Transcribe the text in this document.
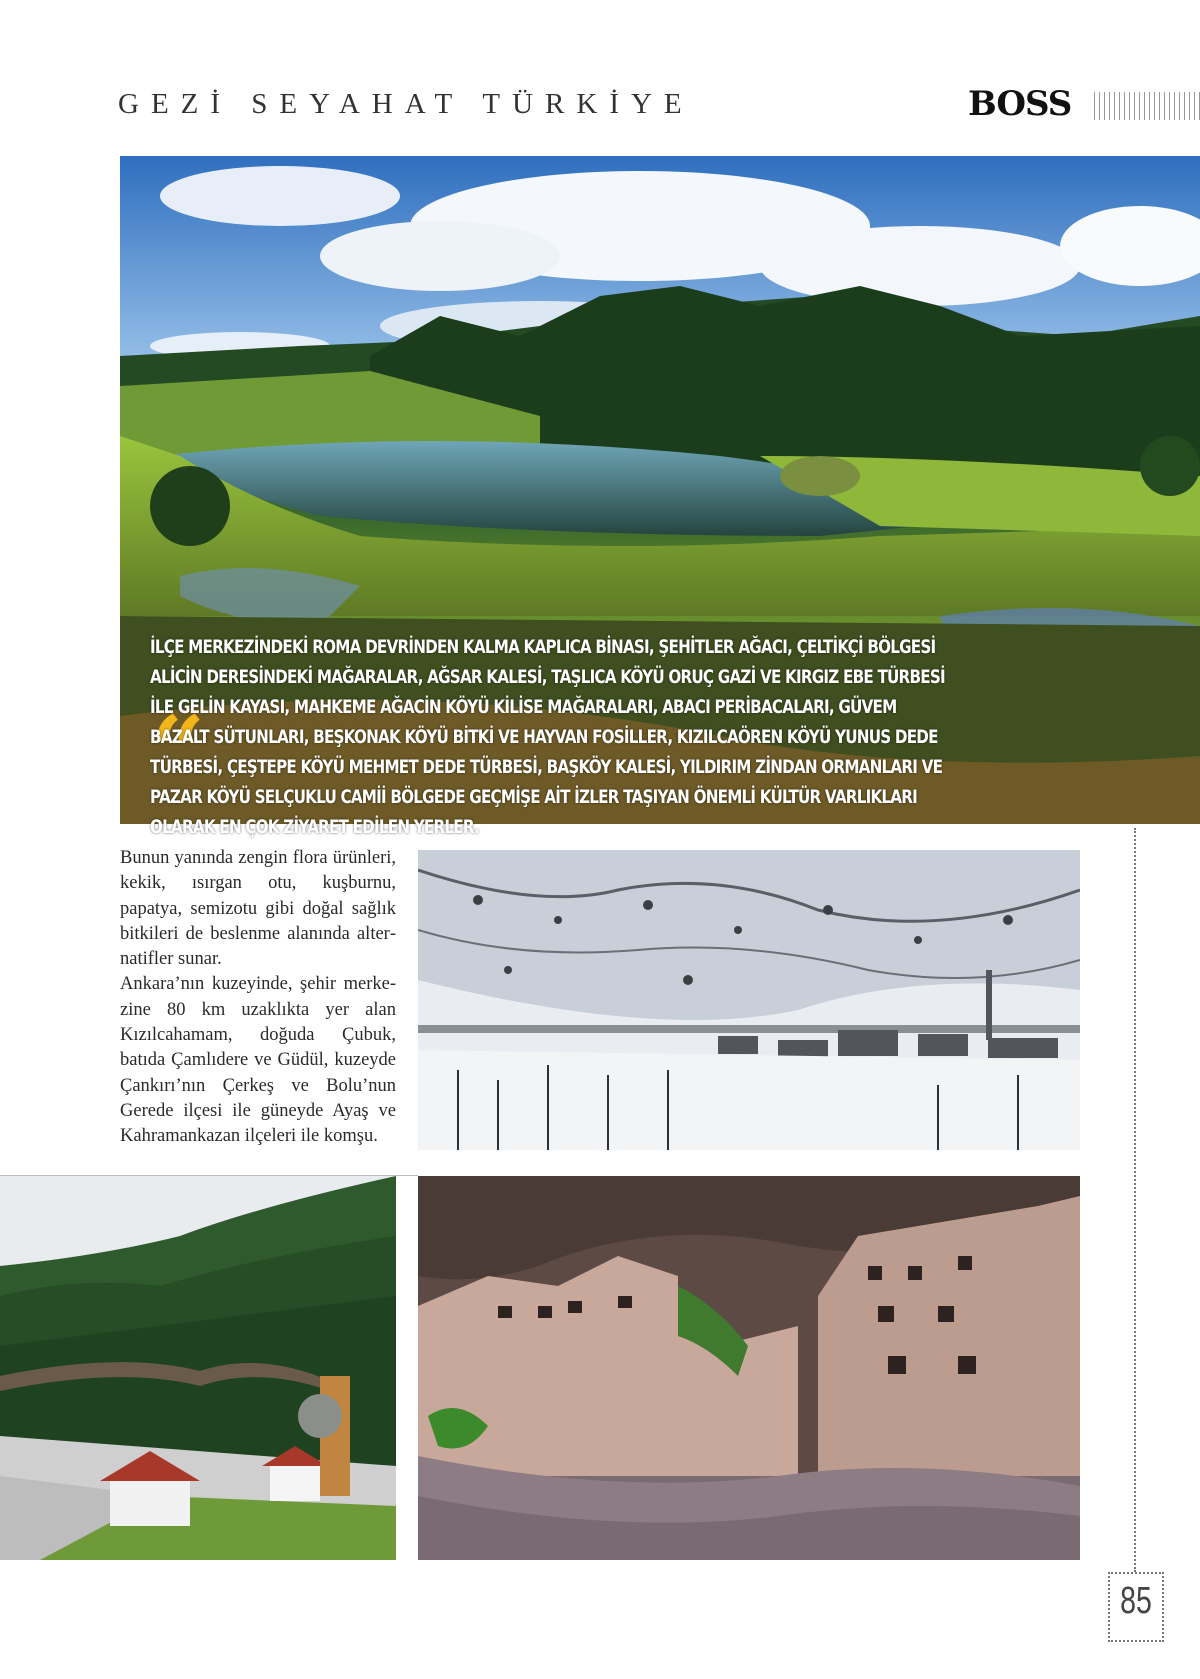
GEZİ SEYAHAT TÜRKİYE	BOSS
“
İLÇE MERKEZİNDEKİ ROMA DEVRİNDEN KALMA KAPLICA BİNASI, ŞEHİTLER AĞACI, ÇELTİKÇİ BÖLGESİ ALİCİN DERESİNDEKİ MAĞARALAR, AĞSAR KALESİ, TAŞLICA KÖYÜ ORUÇ GAZİ VE KIRGIZ EBE TÜRBESİ İLE GELİN KAYASI, MAHKEME AĞACİN KÖYÜ KİLİSE MAĞARALARI, ABACI PERİBACALARI, GÜVEM BAZALT SÜTUNLARI, BEŞKONAK KÖYÜ BİTKİ VE HAYVAN FOSİLLER, KIZILCAÖREN KÖYÜ YUNUS DEDE TÜRBESİ, ÇEŞTEPE KÖYÜ MEHMET DEDE TÜRBESİ, BAŞKÖY KALESİ, YILDIRIM ZİNDAN ORMANLARI VE PAZAR KÖYÜ SELÇUKLU CAMİİ BÖLGEDE GEÇMİŞE AİT İZLER TAŞIYAN ÖNEMLİ KÜLTÜR VARLIKLARI OLARAK EN ÇOK ZİYARET EDİLEN YERLER.

Bunun yanında zengin flora ürünleri, kekik, ısırgan otu, kuşburnu, papatya, semizotu gibi doğal sağlık bitkileri de beslenme alanında alternatifler sunar.

Ankara’nın kuzeyinde, şehir merkezine 80 km uzaklıkta yer alan Kızılcahamam, doğuda Çubuk, batıda Çamlıdere ve Güdül, kuzeyde Çankırı’nın Çerkeş ve Bolu’nun Gerede ilçesi ile güneyde Ayaş ve Kahramankazan ilçeleri ile komşu.

85
